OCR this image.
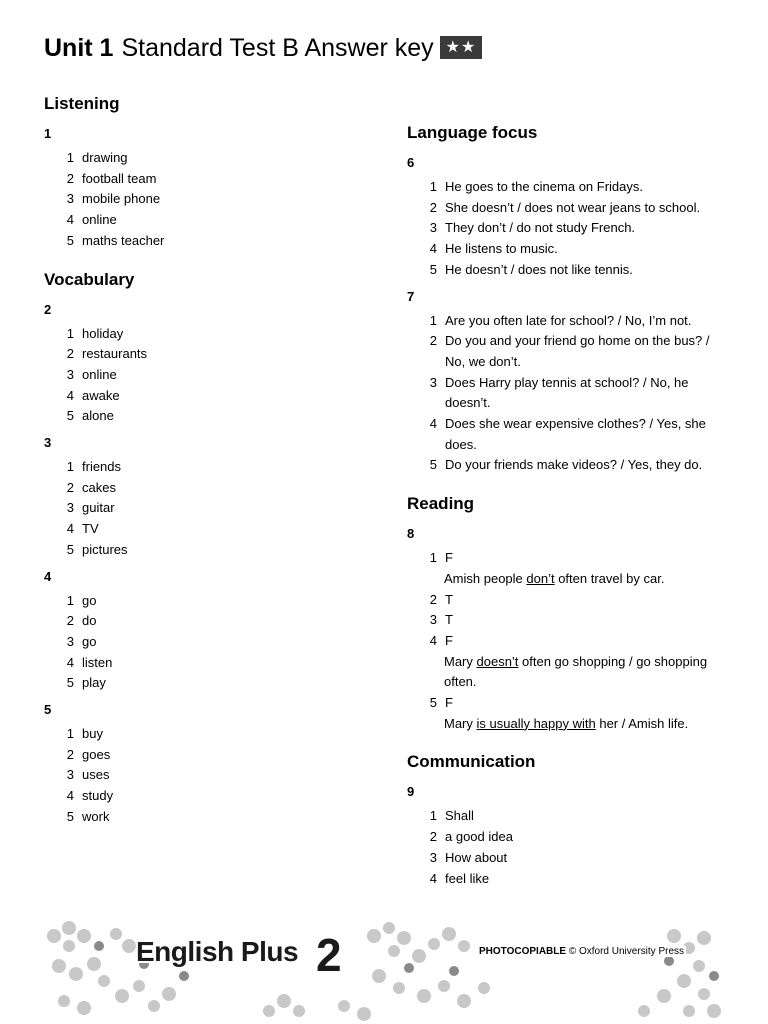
Unit 1 Standard Test B Answer key ★★
Listening
1
1 drawing
2 football team
3 mobile phone
4 online
5 maths teacher
Vocabulary
2
1 holiday
2 restaurants
3 online
4 awake
5 alone
3
1 friends
2 cakes
3 guitar
4 TV
5 pictures
4
1 go
2 do
3 go
4 listen
5 play
5
1 buy
2 goes
3 uses
4 study
5 work
Language focus
6
1 He goes to the cinema on Fridays.
2 She doesn’t / does not wear jeans to school.
3 They don’t / do not study French.
4 He listens to music.
5 He doesn’t / does not like tennis.
7
1 Are you often late for school? / No, I’m not.
2 Do you and your friend go home on the bus? / No, we don’t.
3 Does Harry play tennis at school? / No, he doesn’t.
4 Does she wear expensive clothes? / Yes, she does.
5 Do your friends make videos? / Yes, they do.
Reading
8
1 F
Amish people don’t often travel by car.
2 T
3 T
4 F
Mary doesn’t often go shopping / go shopping often.
5 F
Mary is usually happy with her / Amish life.
Communication
9
1 Shall
2 a good idea
3 How about
4 feel like
English Plus 2	PHOTOCOPIABLE © Oxford University Press
